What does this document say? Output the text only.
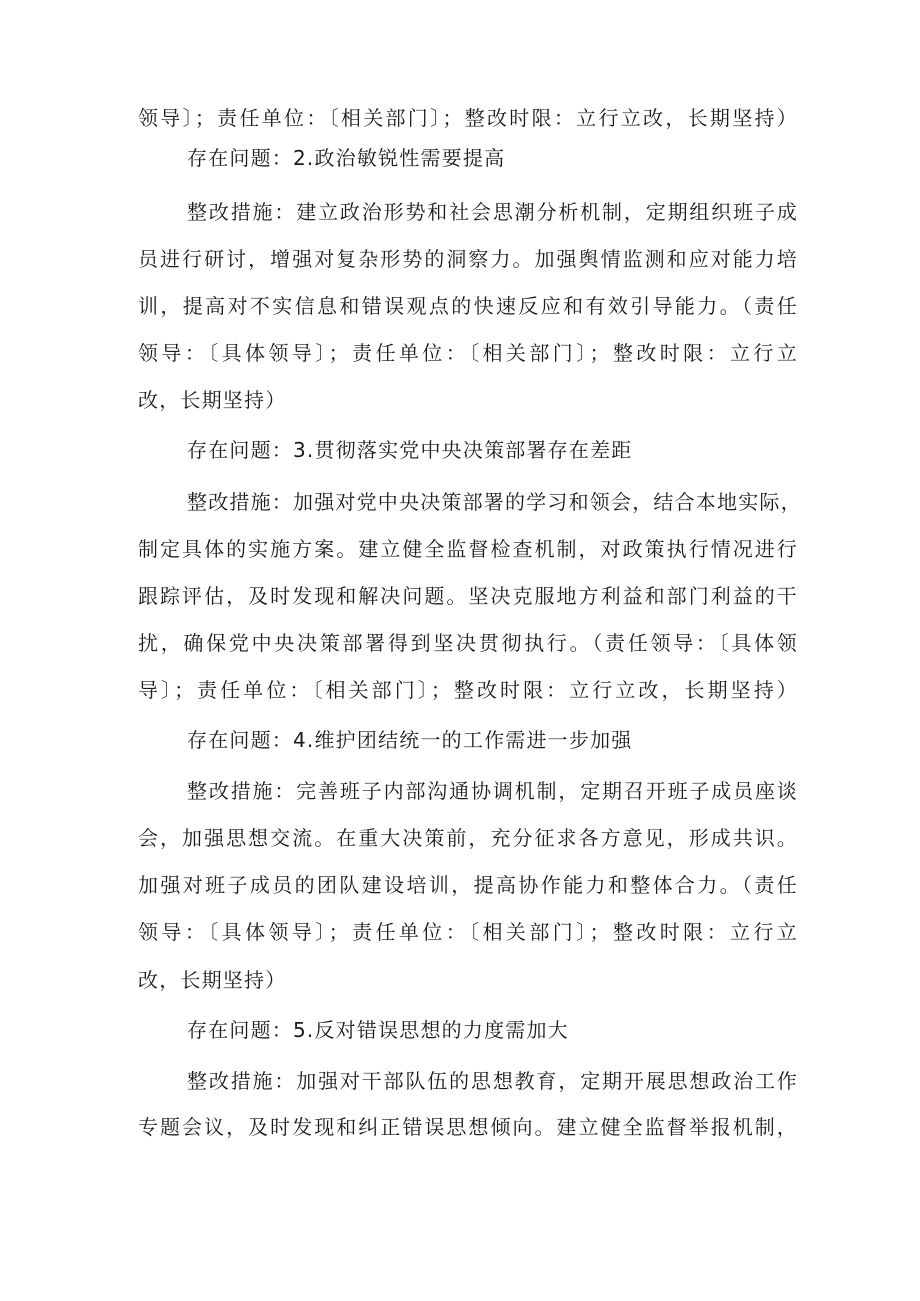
领导〕；责任单位：〔相关部门〕；整改时限：立行立改，长期坚持）
存在问题：2.政治敏锐性需要提高
整改措施：建立政治形势和社会思潮分析机制，定期组织班子成
员进行研讨，增强对复杂形势的洞察力。加强舆情监测和应对能力培
训，提高对不实信息和错误观点的快速反应和有效引导能力。（责任
领导：〔具体领导〕；责任单位：〔相关部门〕；整改时限：立行立
改，长期坚持）
存在问题：3.贯彻落实党中央决策部署存在差距
整改措施：加强对党中央决策部署的学习和领会，结合本地实际，
制定具体的实施方案。建立健全监督检查机制，对政策执行情况进行
跟踪评估，及时发现和解决问题。坚决克服地方利益和部门利益的干
扰，确保党中央决策部署得到坚决贯彻执行。（责任领导：〔具体领
导〕；责任单位：〔相关部门〕；整改时限：立行立改，长期坚持）
存在问题：4.维护团结统一的工作需进一步加强
整改措施：完善班子内部沟通协调机制，定期召开班子成员座谈
会，加强思想交流。在重大决策前，充分征求各方意见，形成共识。
加强对班子成员的团队建设培训，提高协作能力和整体合力。（责任
领导：〔具体领导〕；责任单位：〔相关部门〕；整改时限：立行立
改，长期坚持）
存在问题：5.反对错误思想的力度需加大
整改措施：加强对干部队伍的思想教育，定期开展思想政治工作
专题会议，及时发现和纠正错误思想倾向。建立健全监督举报机制，
